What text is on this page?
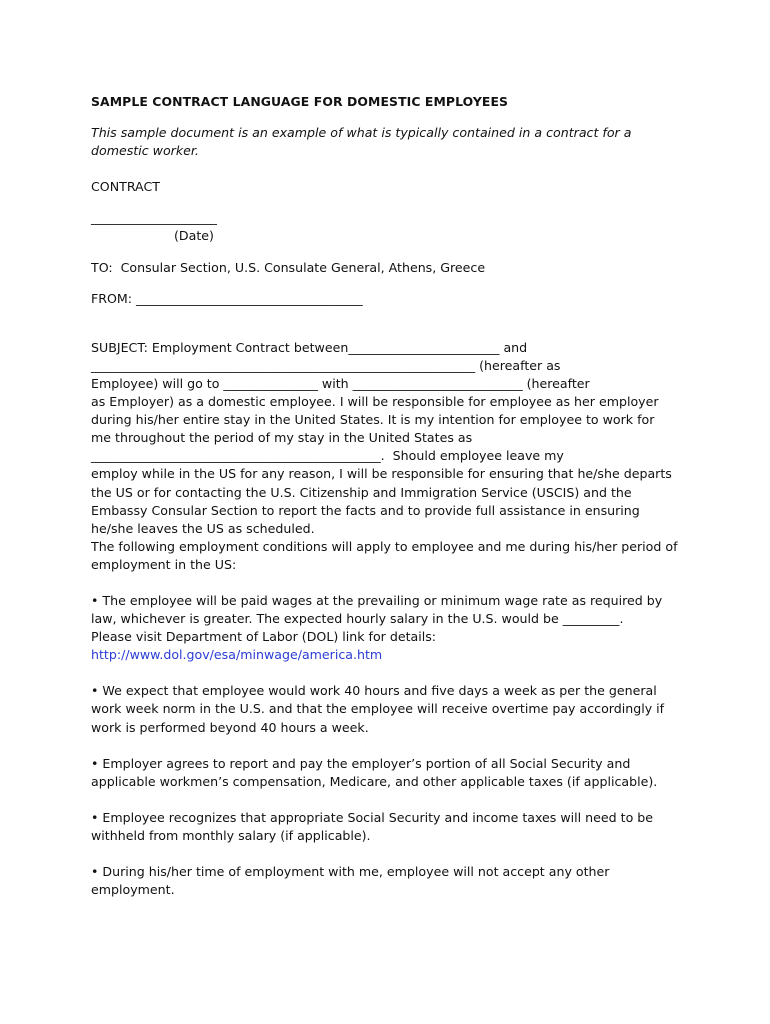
SAMPLE CONTRACT LANGUAGE FOR DOMESTIC EMPLOYEES
This sample document is an example of what is typically contained in a contract for a
domestic worker.
CONTRACT
____________________
(Date)
TO:  Consular Section, U.S. Consulate General, Athens, Greece
FROM: ____________________________________
SUBJECT: Employment Contract between________________________ and
_____________________________________________________________ (hereafter as
Employee) will go to _______________ with ___________________________ (hereafter
as Employer) as a domestic employee. I will be responsible for employee as her employer
during his/her entire stay in the United States. It is my intention for employee to work for
me throughout the period of my stay in the United States as
______________________________________________.  Should employee leave my
employ while in the US for any reason, I will be responsible for ensuring that he/she departs
the US or for contacting the U.S. Citizenship and Immigration Service (USCIS) and the
Embassy Consular Section to report the facts and to provide full assistance in ensuring
he/she leaves the US as scheduled.
The following employment conditions will apply to employee and me during his/her period of
employment in the US:
• The employee will be paid wages at the prevailing or minimum wage rate as required by
law, whichever is greater. The expected hourly salary in the U.S. would be _________.
Please visit Department of Labor (DOL) link for details:
http://www.dol.gov/esa/minwage/america.htm
• We expect that employee would work 40 hours and five days a week as per the general
work week norm in the U.S. and that the employee will receive overtime pay accordingly if
work is performed beyond 40 hours a week.
• Employer agrees to report and pay the employer’s portion of all Social Security and
applicable workmen’s compensation, Medicare, and other applicable taxes (if applicable).
• Employee recognizes that appropriate Social Security and income taxes will need to be
withheld from monthly salary (if applicable).
• During his/her time of employment with me, employee will not accept any other
employment.
